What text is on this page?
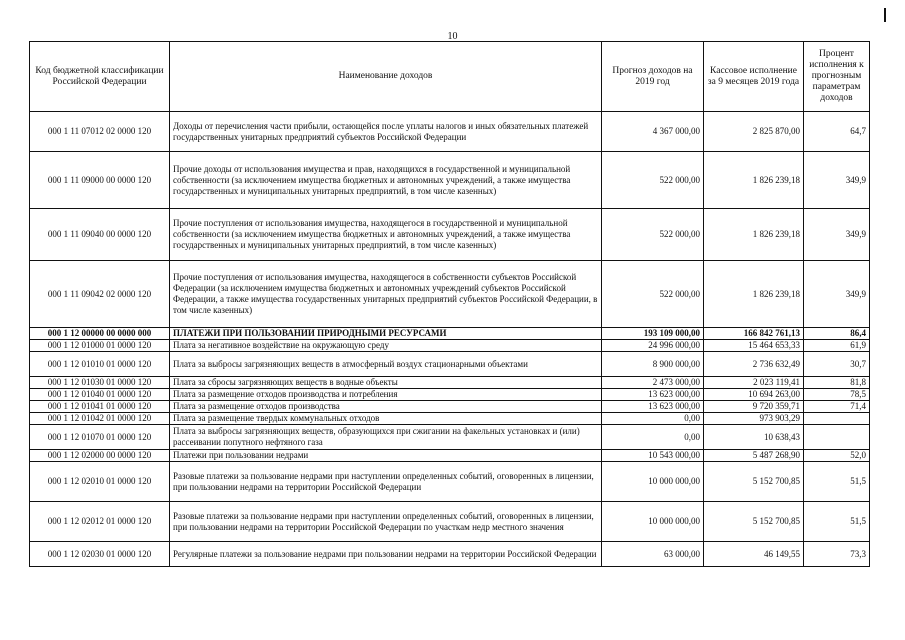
10
Код бюджетной классификации Российской Федерации	Наименование доходов	Прогноз доходов на 2019 год	Кассовое исполнение за 9 месяцев 2019 года	Процент исполнения к прогнозным параметрам доходов
000 1 11 07012 02 0000 120	Доходы от перечисления части прибыли, остающейся после уплаты налогов и иных обязательных платежей государственных унитарных предприятий субъектов Российской Федерации	4 367 000,00	2 825 870,00	64,7
000 1 11 09000 00 0000 120	Прочие доходы от использования имущества и прав, находящихся в государственной и муниципальной собственности (за исключением имущества бюджетных и автономных учреждений, а также имущества государственных и муниципальных унитарных предприятий, в том числе казенных)	522 000,00	1 826 239,18	349,9
000 1 11 09040 00 0000 120	Прочие поступления от использования имущества, находящегося в государственной и муниципальной собственности (за исключением имущества бюджетных и автономных учреждений, а также имущества государственных и муниципальных унитарных предприятий, в том числе казенных)	522 000,00	1 826 239,18	349,9
000 1 11 09042 02 0000 120	Прочие поступления от использования имущества, находящегося в собственности субъектов Российской Федерации (за исключением имущества бюджетных и автономных учреждений субъектов Российской Федерации, а также имущества государственных унитарных предприятий субъектов Российской Федерации, в том числе казенных)	522 000,00	1 826 239,18	349,9
000 1 12 00000 00 0000 000	ПЛАТЕЖИ ПРИ ПОЛЬЗОВАНИИ ПРИРОДНЫМИ РЕСУРСАМИ	193 109 000,00	166 842 761,13	86,4
000 1 12 01000 01 0000 120	Плата за негативное воздействие на окружающую среду	24 996 000,00	15 464 653,33	61,9
000 1 12 01010 01 0000 120	Плата за выбросы загрязняющих веществ в атмосферный воздух стационарными объектами	8 900 000,00	2 736 632,49	30,7
000 1 12 01030 01 0000 120	Плата за сбросы загрязняющих веществ в водные объекты	2 473 000,00	2 023 119,41	81,8
000 1 12 01040 01 0000 120	Плата за размещение отходов производства и потребления	13 623 000,00	10 694 263,00	78,5
000 1 12 01041 01 0000 120	Плата за размещение отходов производства	13 623 000,00	9 720 359,71	71,4
000 1 12 01042 01 0000 120	Плата за размещение твердых коммунальных отходов	0,00	973 903,29	
000 1 12 01070 01 0000 120	Плата за выбросы загрязняющих веществ, образующихся при сжигании на факельных установках и (или) рассеивании попутного нефтяного газа	0,00	10 638,43	
000 1 12 02000 00 0000 120	Платежи при пользовании недрами	10 543 000,00	5 487 268,90	52,0
000 1 12 02010 01 0000 120	Разовые платежи за пользование недрами при наступлении определенных событий, оговоренных в лицензии, при пользовании недрами на территории Российской Федерации	10 000 000,00	5 152 700,85	51,5
000 1 12 02012 01 0000 120	Разовые платежи за пользование недрами при наступлении определенных событий, оговоренных в лицензии, при пользовании недрами на территории Российской Федерации по участкам недр местного значения	10 000 000,00	5 152 700,85	51,5
000 1 12 02030 01 0000 120	Регулярные платежи за пользование недрами при пользовании недрами на территории Российской Федерации	63 000,00	46 149,55	73,3
